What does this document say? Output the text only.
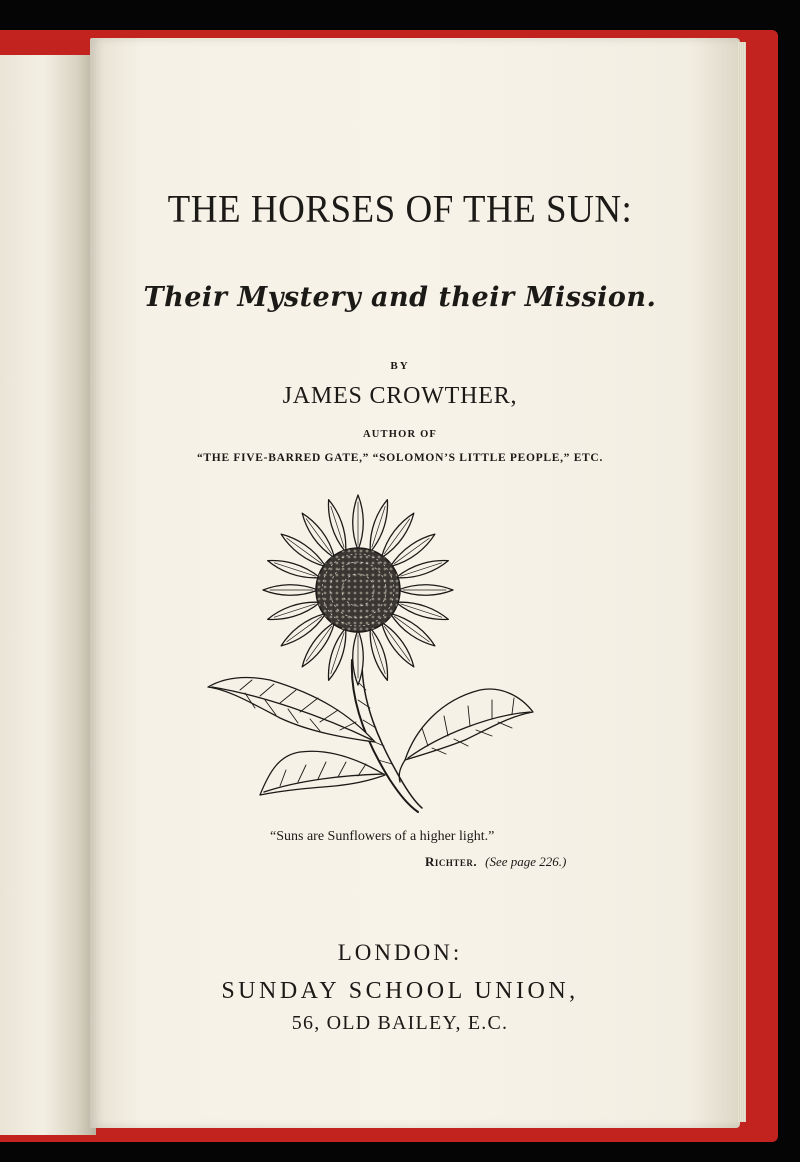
THE HORSES OF THE SUN:
Their Mystery and their Mission.
BY
JAMES CROWTHER,
AUTHOR OF
“THE FIVE-BARRED GATE,” “SOLOMON’S LITTLE PEOPLE,” ETC.
“Suns are Sunflowers of a higher light.”
Richter. (See page 226.)
LONDON:
SUNDAY SCHOOL UNION,
56, OLD BAILEY, E.C.
